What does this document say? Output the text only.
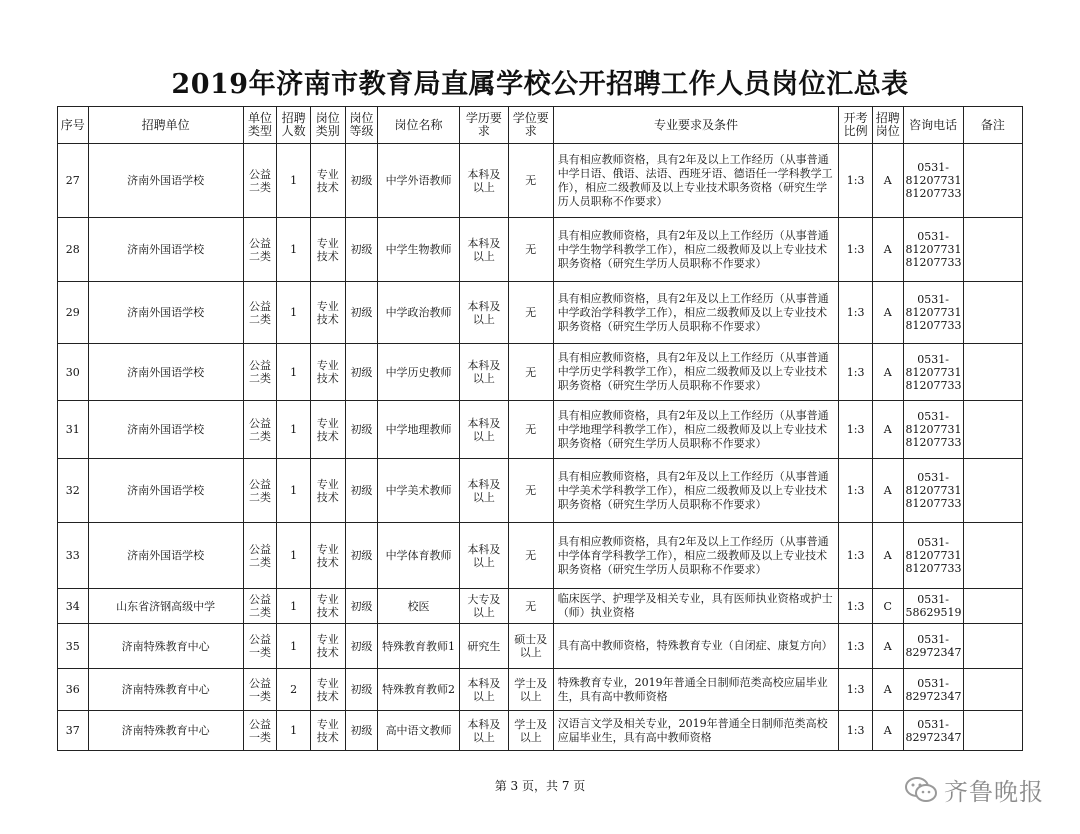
2019年济南市教育局直属学校公开招聘工作人员岗位汇总表
序号	招聘单位	单位类型	招聘人数	岗位类别	岗位等级	岗位名称	学历要求	学位要求	专业要求及条件	开考比例	招聘岗位	咨询电话	备注
27	济南外国语学校	公益二类	1	专业技术	初级	中学外语教师	本科及以上	无	具有相应教师资格，具有2年及以上工作经历（从事普通中学日语、俄语、法语、西班牙语、德语任一学科教学工作），相应二级教师及以上专业技术职务资格（研究生学历人员职称不作要求）	1:3	A	0531-81207731 81207733	
28	济南外国语学校	公益二类	1	专业技术	初级	中学生物教师	本科及以上	无	具有相应教师资格，具有2年及以上工作经历（从事普通中学生物学科教学工作），相应二级教师及以上专业技术职务资格（研究生学历人员职称不作要求）	1:3	A	0531-81207731 81207733	
29	济南外国语学校	公益二类	1	专业技术	初级	中学政治教师	本科及以上	无	具有相应教师资格，具有2年及以上工作经历（从事普通中学政治学科教学工作），相应二级教师及以上专业技术职务资格（研究生学历人员职称不作要求）	1:3	A	0531-81207731 81207733	
30	济南外国语学校	公益二类	1	专业技术	初级	中学历史教师	本科及以上	无	具有相应教师资格，具有2年及以上工作经历（从事普通中学历史学科教学工作），相应二级教师及以上专业技术职务资格（研究生学历人员职称不作要求）	1:3	A	0531-81207731 81207733	
31	济南外国语学校	公益二类	1	专业技术	初级	中学地理教师	本科及以上	无	具有相应教师资格，具有2年及以上工作经历（从事普通中学地理学科教学工作），相应二级教师及以上专业技术职务资格（研究生学历人员职称不作要求）	1:3	A	0531-81207731 81207733	
32	济南外国语学校	公益二类	1	专业技术	初级	中学美术教师	本科及以上	无	具有相应教师资格，具有2年及以上工作经历（从事普通中学美术学科教学工作），相应二级教师及以上专业技术职务资格（研究生学历人员职称不作要求）	1:3	A	0531-81207731 81207733	
33	济南外国语学校	公益二类	1	专业技术	初级	中学体育教师	本科及以上	无	具有相应教师资格，具有2年及以上工作经历（从事普通中学体育学科教学工作），相应二级教师及以上专业技术职务资格（研究生学历人员职称不作要求）	1:3	A	0531-81207731 81207733	
34	山东省济钢高级中学	公益二类	1	专业技术	初级	校医	大专及以上	无	临床医学、护理学及相关专业，具有医师执业资格或护士（师）执业资格	1:3	C	0531-58629519	
35	济南特殊教育中心	公益一类	1	专业技术	初级	特殊教育教师1	研究生	硕士及以上	具有高中教师资格，特殊教育专业（自闭症、康复方向）	1:3	A	0531-82972347	
36	济南特殊教育中心	公益一类	2	专业技术	初级	特殊教育教师2	本科及以上	学士及以上	特殊教育专业，2019年普通全日制师范类高校应届毕业生，具有高中教师资格	1:3	A	0531-82972347	
37	济南特殊教育中心	公益一类	1	专业技术	初级	高中语文教师	本科及以上	学士及以上	汉语言文学及相关专业，2019年普通全日制师范类高校应届毕业生，具有高中教师资格	1:3	A	0531-82972347	
第 3 页，共 7 页	齐鲁晚报
